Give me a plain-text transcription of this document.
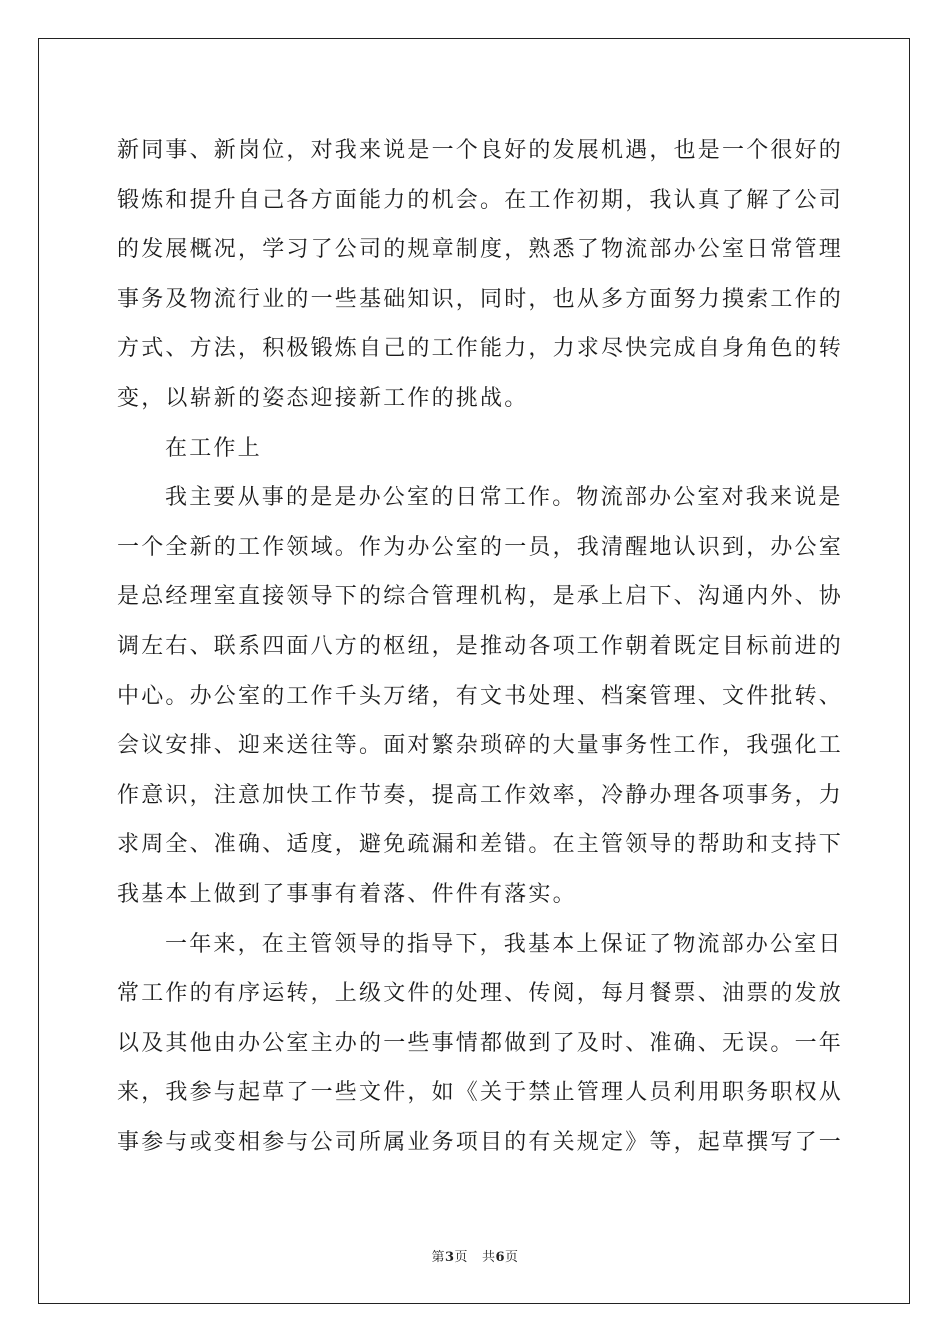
新同事、新岗位，对我来说是一个良好的发展机遇，也是一个很好的
锻炼和提升自己各方面能力的机会。在工作初期，我认真了解了公司
的发展概况，学习了公司的规章制度，熟悉了物流部办公室日常管理
事务及物流行业的一些基础知识，同时，也从多方面努力摸索工作的
方式、方法，积极锻炼自己的工作能力，力求尽快完成自身角色的转
变，以崭新的姿态迎接新工作的挑战。

在工作上

我主要从事的是是办公室的日常工作。物流部办公室对我来说是
一个全新的工作领域。作为办公室的一员，我清醒地认识到，办公室
是总经理室直接领导下的综合管理机构，是承上启下、沟通内外、协
调左右、联系四面八方的枢纽，是推动各项工作朝着既定目标前进的
中心。办公室的工作千头万绪，有文书处理、档案管理、文件批转、
会议安排、迎来送往等。面对繁杂琐碎的大量事务性工作，我强化工
作意识，注意加快工作节奏，提高工作效率，冷静办理各项事务，力
求周全、准确、适度，避免疏漏和差错。在主管领导的帮助和支持下
我基本上做到了事事有着落、件件有落实。

一年来，在主管领导的指导下，我基本上保证了物流部办公室日
常工作的有序运转，上级文件的处理、传阅，每月餐票、油票的发放
以及其他由办公室主办的一些事情都做到了及时、准确、无误。一年
来，我参与起草了一些文件，如《关于禁止管理人员利用职务职权从
事参与或变相参与公司所属业务项目的有关规定》等，起草撰写了一

第3页 共6页
